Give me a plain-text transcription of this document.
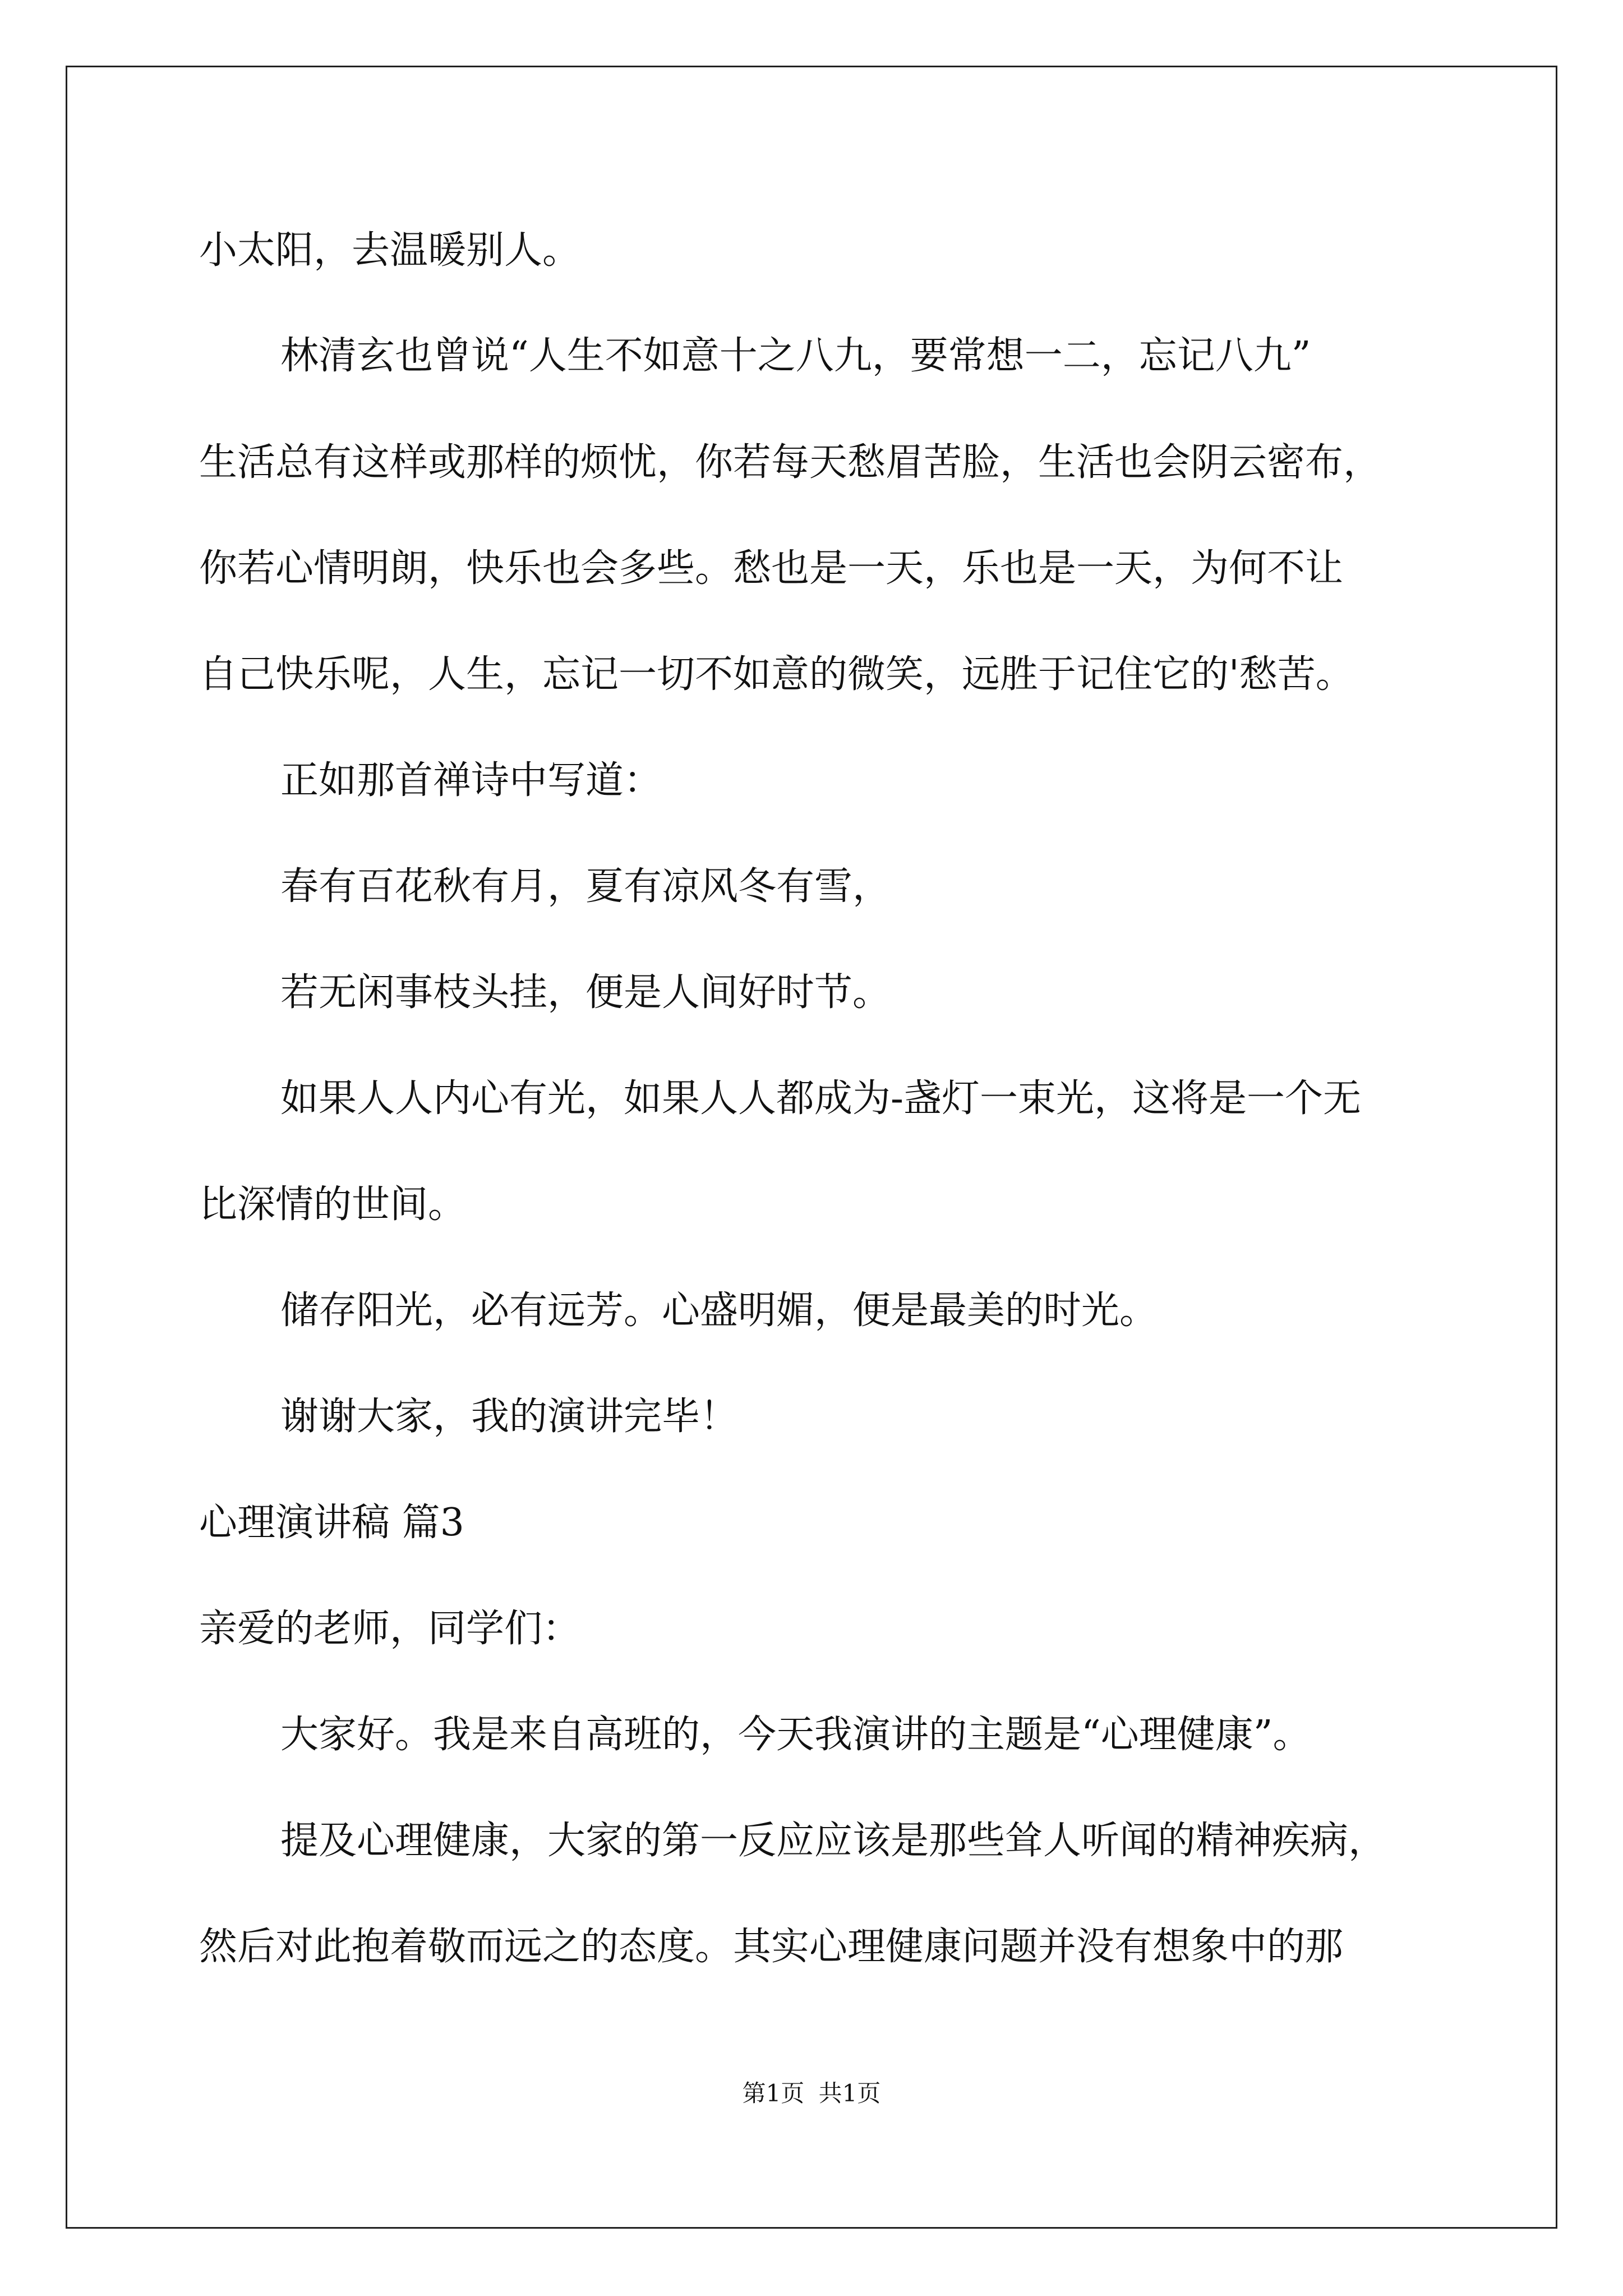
小太阳，去温暖别人。
林清玄也曾说“人生不如意十之八九，要常想一二，忘记八九”
生活总有这样或那样的烦忧，你若每天愁眉苦脸，生活也会阴云密布，
你若心情明朗，快乐也会多些。愁也是一天，乐也是一天，为何不让
自己快乐呢，人生，忘记一切不如意的微笑，远胜于记住它的'愁苦。
正如那首禅诗中写道：
春有百花秋有月，夏有凉风冬有雪，
若无闲事枝头挂，便是人间好时节。
如果人人内心有光，如果人人都成为-盏灯一束光，这将是一个无
比深情的世间。
储存阳光，必有远芳。心盛明媚，便是最美的时光。
谢谢大家，我的演讲完毕！
心理演讲稿 篇3
亲爱的老师，同学们：
大家好。我是来自高班的，今天我演讲的主题是“心理健康”。
提及心理健康，大家的第一反应应该是那些耸人听闻的精神疾病，
然后对此抱着敬而远之的态度。其实心理健康问题并没有想象中的那
第1页 共1页
